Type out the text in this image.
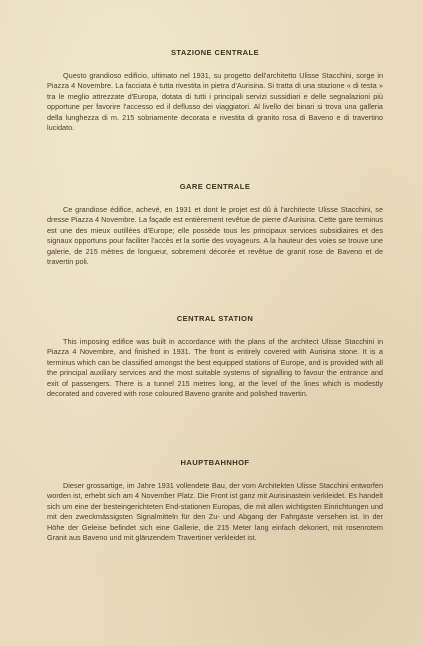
STAZIONE CENTRALE

Questo grandioso edificio, ultimato nel 1931, su progetto dell'architetto Ulisse Stacchini, sorge in Piazza 4 Novembre. La facciata è tutta rivestita in pietra d'Aurisina. Si tratta di una stazione « di testa » tra le meglio attrezzate d'Europa, dotata di tutti i principali servizi sussidiari e delle segnalazioni più opportune per favorire l'accesso ed il deflusso dei viaggiatori. Al livello dei binari si trova una galleria della lunghezza di m. 215 sobriamente decorata e rivestita di granito rosa di Baveno e di travertino lucidato.

GARE CENTRALE

Ce grandiose édifice, achevé, en 1931 et dont le projet est dû à l'architecte Ulisse Stacchini, se dresse Piazza 4 Novembre. La façade est entièrement revêtue de pierre d'Aurisina. Cette gare terminus est une des mieux outillées d'Europe; elle possède tous les principaux services subsidiaires et des signaux opportuns pour faciliter l'accès et la sortie des voyageurs. A la hauteur des voies se trouve une galerie, de 215 mètres de longueur, sobrement décorée et revêtue de granit rose de Baveno et de travertin poli.

CENTRAL STATION

This imposing edifice was built in accordance with the plans of the architect Ulisse Stacchini in Piazza 4 Novembre, and finished in 1931. The front is entirely covered with Aurisina stone. It is a terminus which can be classified amongst the best equipped stations of Europe, and is provided with all the principal auxiliary services and the most suitable systems of signalling to favour the entrance and exit of passengers. There is a tunnel 215 metres long, at the level of the lines which is modestly decorated and covered with rose coloured Baveno granite and polished travertin.

HAUPTBAHNHOF

Dieser grossartige, im Jahre 1931 vollendete Bau, der vom Architekten Ulisse Stacchini entworfen worden ist, erhebt sich am 4 November Platz. Die Front ist ganz mit Aurisinastein verkleidet. Es handelt sich um eine der besteingerichteten End-stationen Europas, die mit allen wichtigsten Einrichtungen und mit den zweckmässigsten Signalmitteln für den Zu- und Abgang der Fahrgäste versehen ist. In der Höhe der Geleise befindet sich eine Gallerie, die 215 Meter lang einfach dekoriert, mit rosenrotem Granit aus Baveno und mit glänzendem Travertiner verkleidet ist.
